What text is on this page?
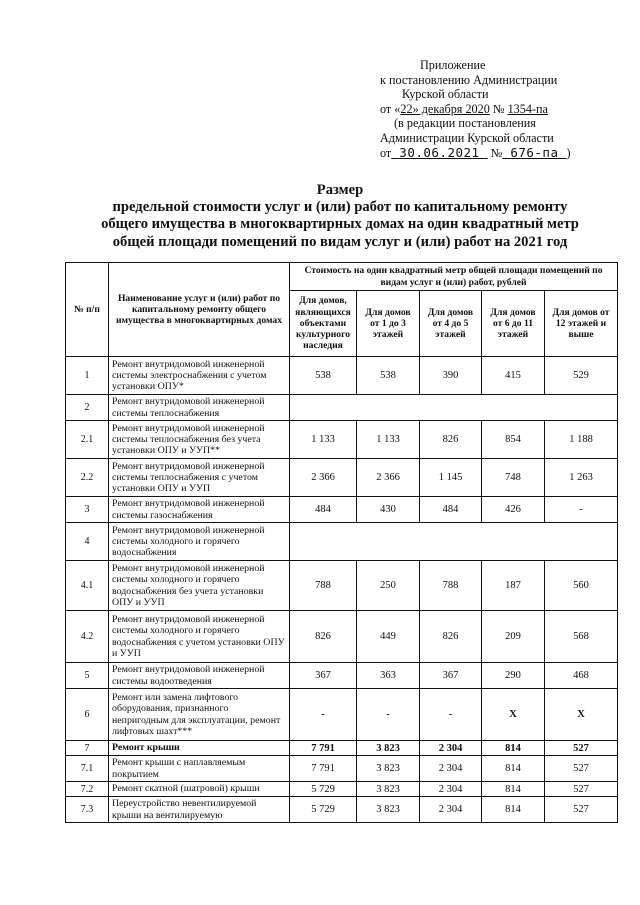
Приложение
к постановлению Администрации
Курской области
от «22» декабря 2020 № 1354-па
(в редакции постановления
Администрации Курской области
от 30.06.2021 № 676-па )
Размер
предельной стоимости услуг и (или) работ по капитальному ремонту
общего имущества в многоквартирных домах на один квадратный метр
общей площади помещений по видам услуг и (или) работ на 2021 год
№ п/п	Наименование услуг и (или) работ по капитальному ремонту общего имущества в многоквартирных домах	Стоимость на один квадратный метр общей площади помещений по видам услуг и (или) работ, рублей				
		Для домов, являющихся объектами культурного наследия	Для домов от 1 до 3 этажей	Для домов от 4 до 5 этажей	Для домов от 6 до 11 этажей	Для домов от 12 этажей и выше
1	Ремонт внутридомовой инженерной системы электроснабжения с учетом установки ОПУ*	538	538	390	415	529
2	Ремонт внутридомовой инженерной системы теплоснабжения					
2.1	Ремонт внутридомовой инженерной системы теплоснабжения без учета установки ОПУ и УУП**	1 133	1 133	826	854	1 188
2.2	Ремонт внутридомовой инженерной системы теплоснабжения с учетом установки ОПУ и УУП	2 366	2 366	1 145	748	1 263
3	Ремонт внутридомовой инженерной системы газоснабжения	484	430	484	426	-
4	Ремонт внутридомовой инженерной системы холодного и горячего водоснабжения					
4.1	Ремонт внутридомовой инженерной системы холодного и горячего водоснабжения без учета установки ОПУ и УУП	788	250	788	187	560
4.2	Ремонт внутридомовой инженерной системы холодного и горячего водоснабжения с учетом установки ОПУ и УУП	826	449	826	209	568
5	Ремонт внутридомовой инженерной системы водоотведения	367	363	367	290	468
6	Ремонт или замена лифтового оборудования, признанного непригодным для эксплуатации, ремонт лифтовых шахт***	-	-	-	X	X
7	Ремонт крыши	7 791	3 823	2 304	814	527
7.1	Ремонт крыши с наплавляемым покрытием	7 791	3 823	2 304	814	527
7.2	Ремонт скатной (шатровой) крыши	5 729	3 823	2 304	814	527
7.3	Переустройство невентилируемой крыши на вентилируемую	5 729	3 823	2 304	814	527
